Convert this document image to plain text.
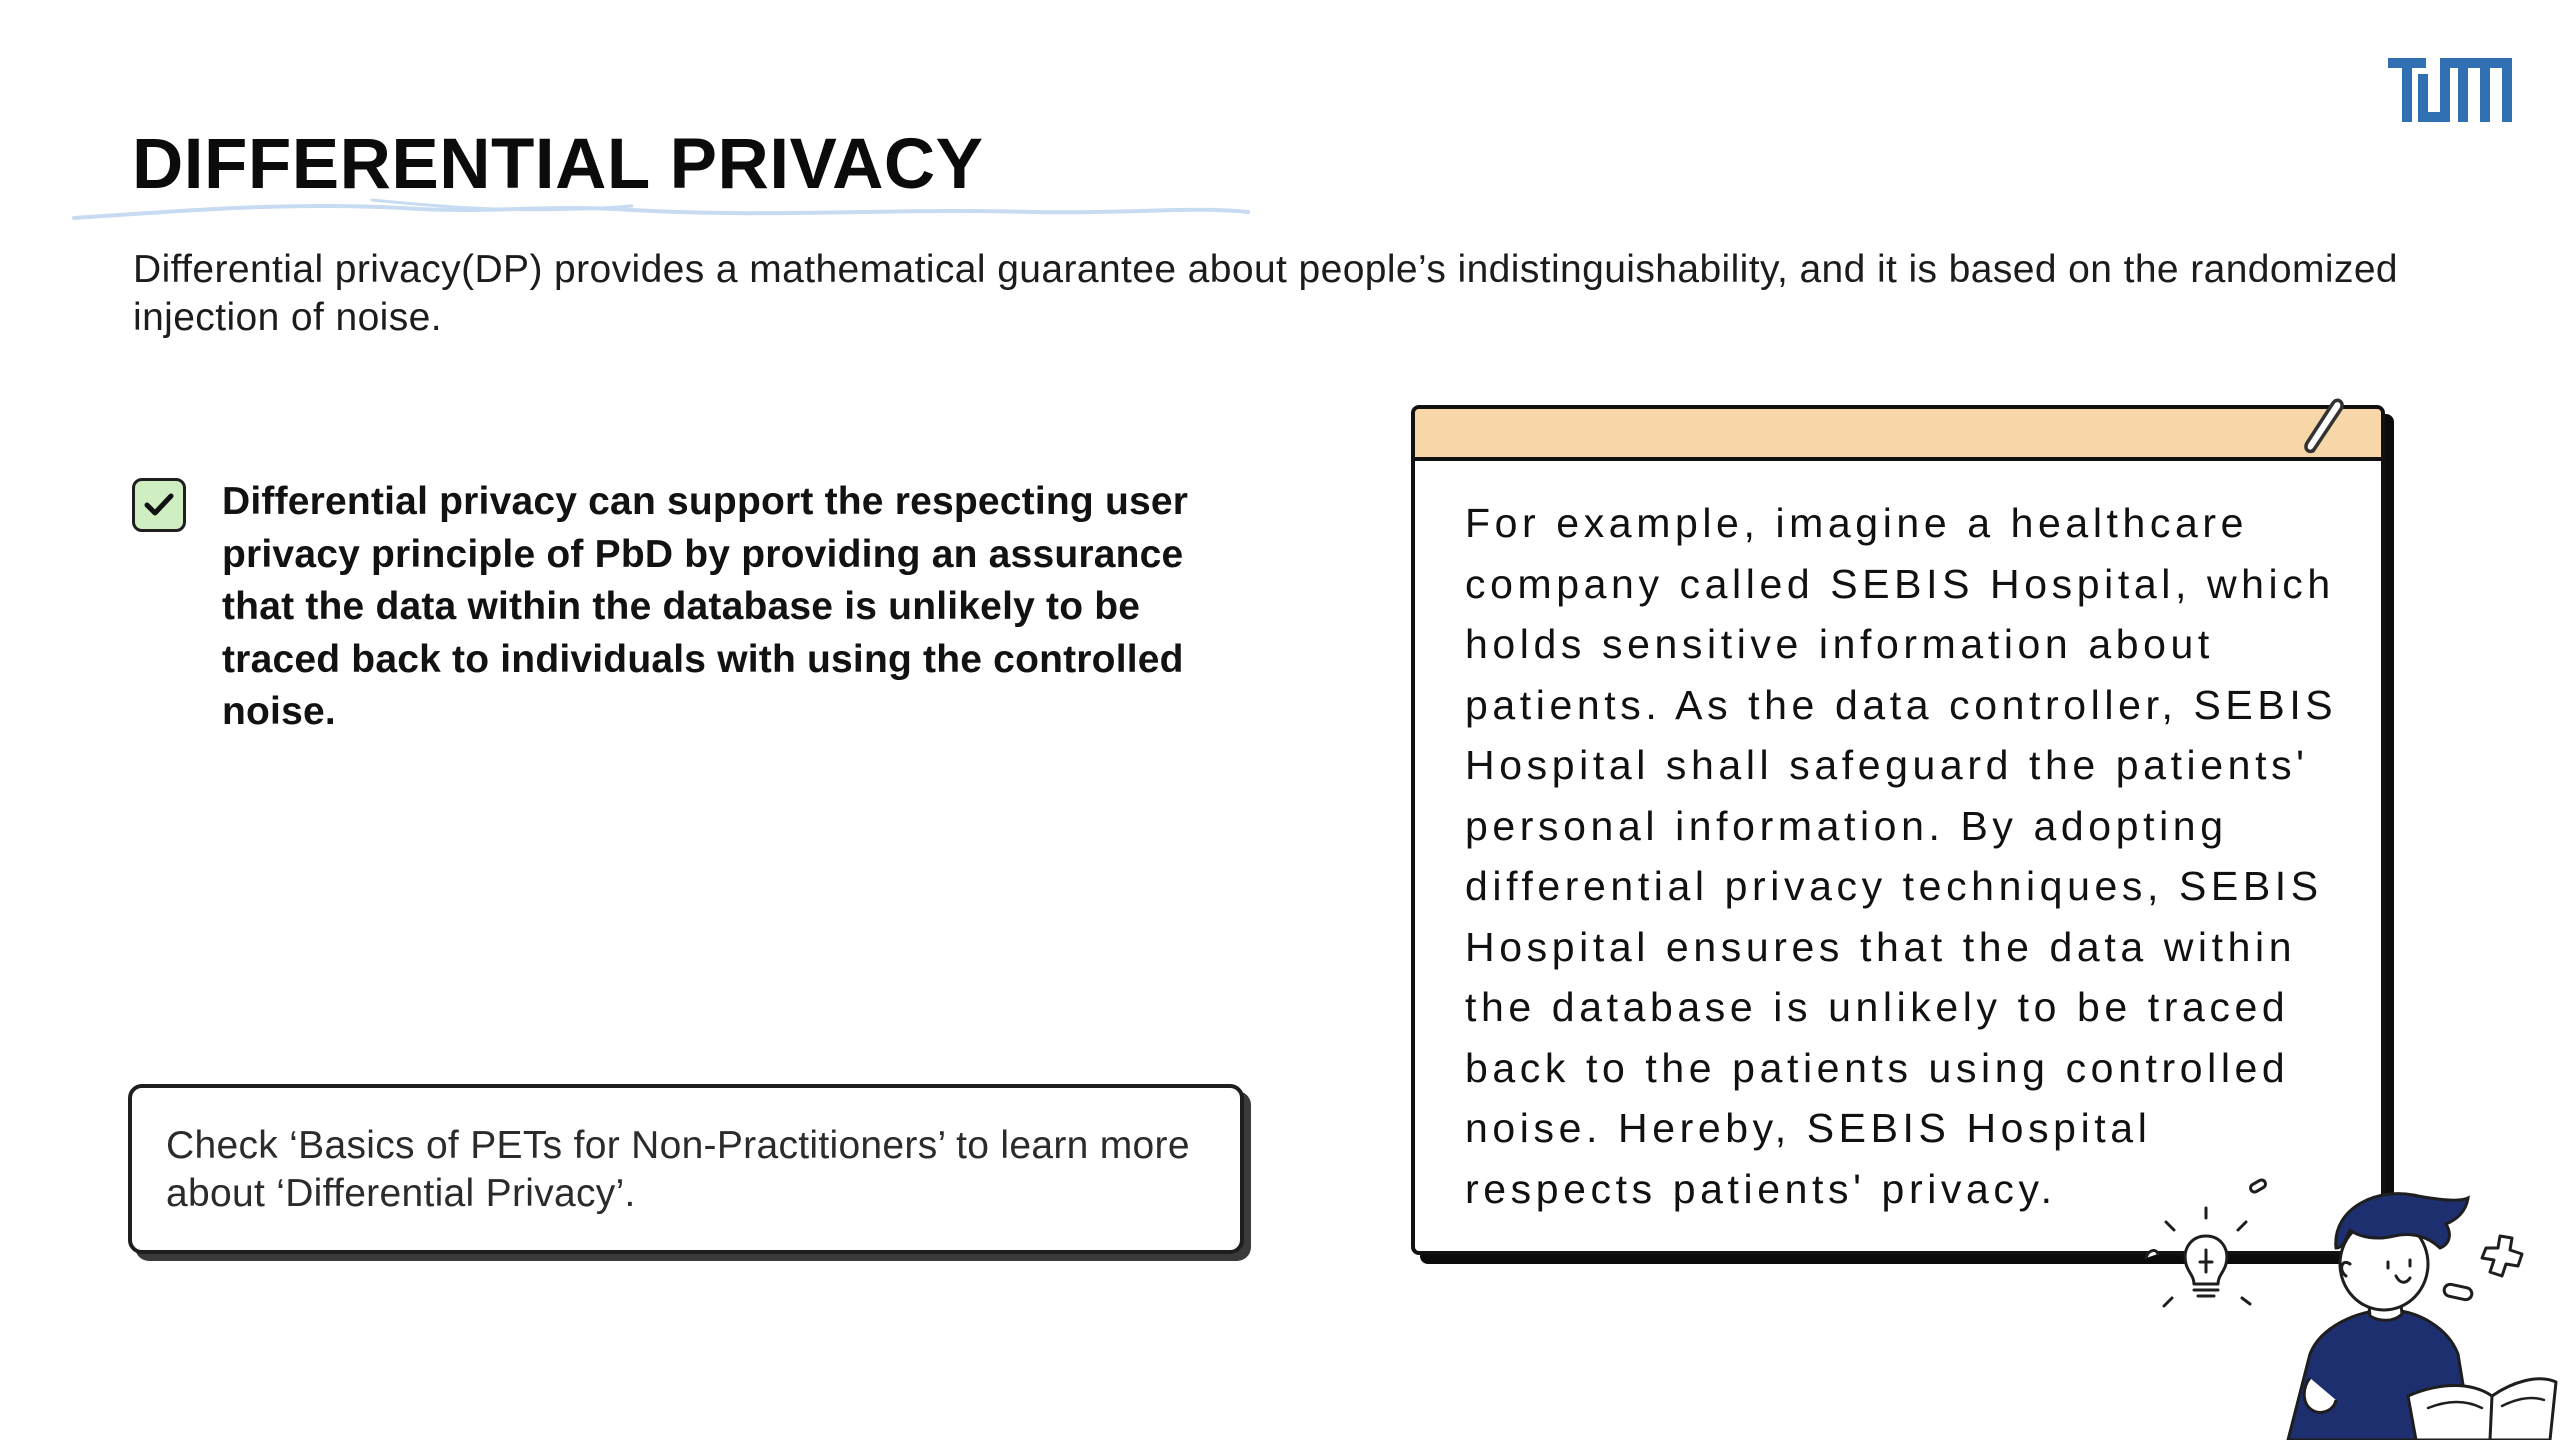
DIFFERENTIAL PRIVACY

Differential privacy(DP) provides a mathematical guarantee about people’s indistinguishability, and it is based on the randomized injection of noise.

Differential privacy can support the respecting user privacy principle of PbD by providing an assurance that the data within the database is unlikely to be traced back to individuals with using the controlled noise.

Check ‘Basics of PETs for Non-Practitioners’ to learn more about ‘Differential Privacy’.

For example, imagine a healthcare company called SEBIS Hospital, which holds sensitive information about patients. As the data controller, SEBIS Hospital shall safeguard the patients' personal information. By adopting differential privacy techniques, SEBIS Hospital ensures that the data within the database is unlikely to be traced back to the patients using controlled noise. Hereby, SEBIS Hospital respects patients' privacy.
